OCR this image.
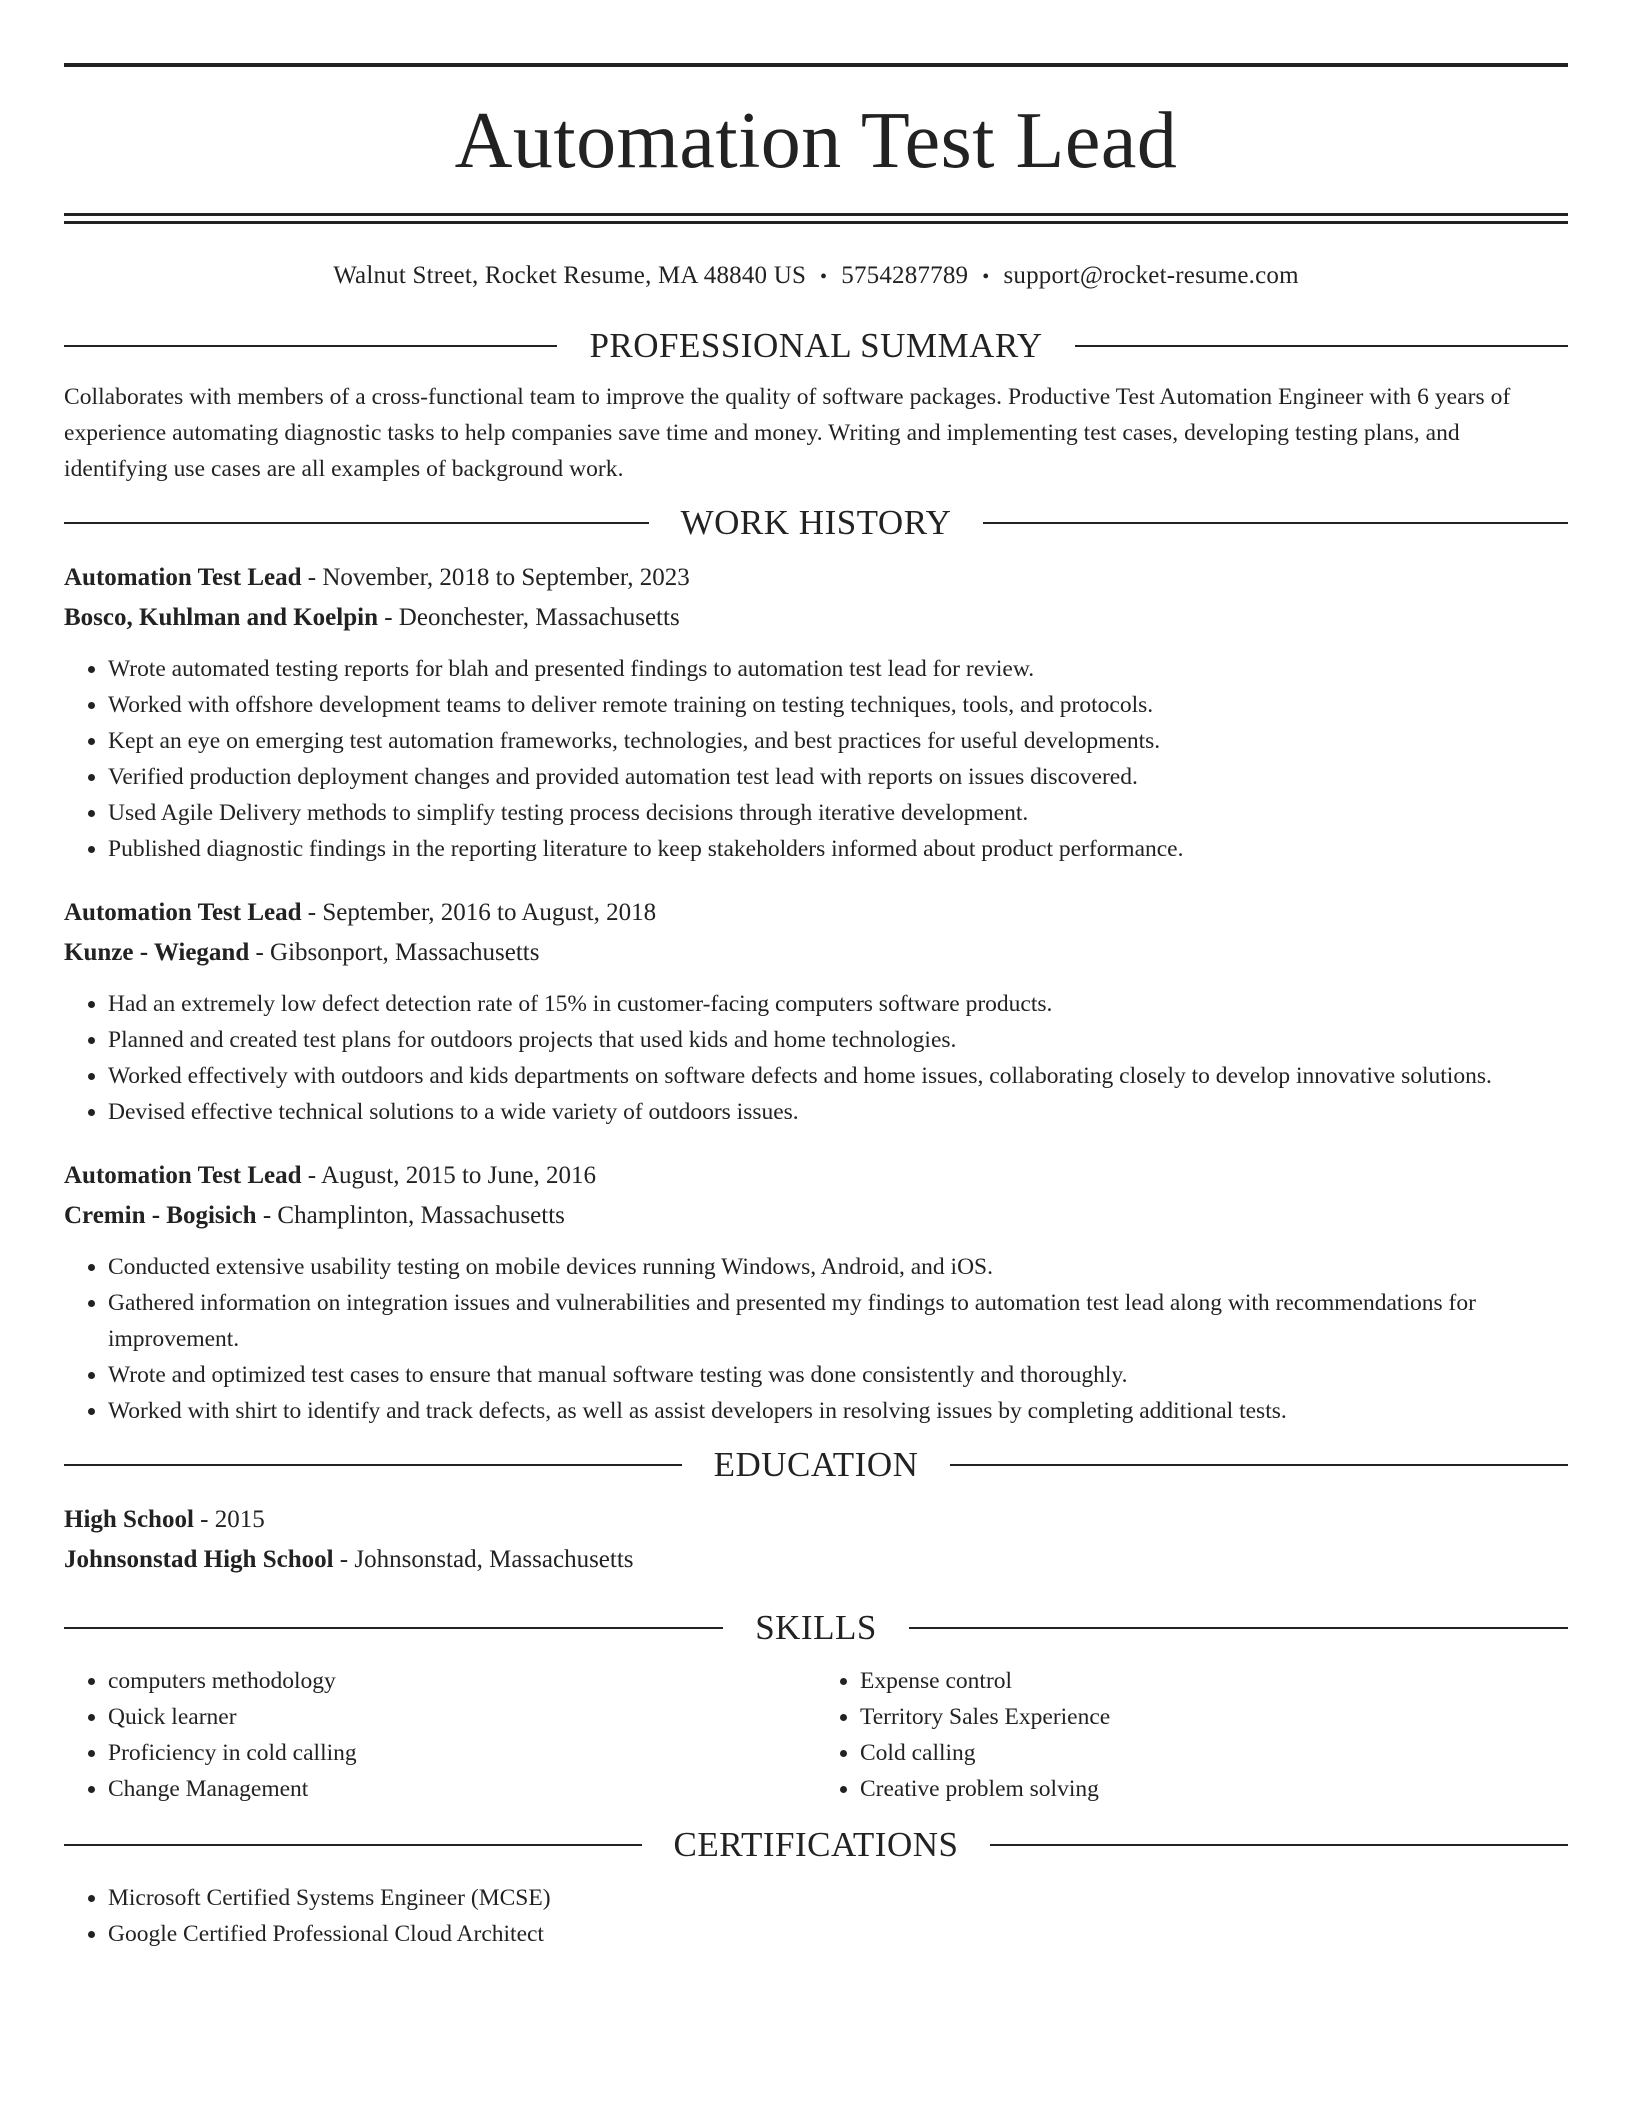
Automation Test Lead
Walnut Street, Rocket Resume, MA 48840 US • 5754287789 • support@rocket-resume.com
PROFESSIONAL SUMMARY

Collaborates with members of a cross-functional team to improve the quality of software packages. Productive Test Automation Engineer with 6 years of experience automating diagnostic tasks to help companies save time and money. Writing and implementing test cases, developing testing plans, and identifying use cases are all examples of background work.

WORK HISTORY
Automation Test Lead - November, 2018 to September, 2023
Bosco, Kuhlman and Koelpin - Deonchester, Massachusetts
• Wrote automated testing reports for blah and presented findings to automation test lead for review.
• Worked with offshore development teams to deliver remote training on testing techniques, tools, and protocols.
• Kept an eye on emerging test automation frameworks, technologies, and best practices for useful developments.
• Verified production deployment changes and provided automation test lead with reports on issues discovered.
• Used Agile Delivery methods to simplify testing process decisions through iterative development.
• Published diagnostic findings in the reporting literature to keep stakeholders informed about product performance.
Automation Test Lead - September, 2016 to August, 2018
Kunze - Wiegand - Gibsonport, Massachusetts
• Had an extremely low defect detection rate of 15% in customer-facing computers software products.
• Planned and created test plans for outdoors projects that used kids and home technologies.
• Worked effectively with outdoors and kids departments on software defects and home issues, collaborating closely to develop innovative solutions.
• Devised effective technical solutions to a wide variety of outdoors issues.
Automation Test Lead - August, 2015 to June, 2016
Cremin - Bogisich - Champlinton, Massachusetts
• Conducted extensive usability testing on mobile devices running Windows, Android, and iOS.
• Gathered information on integration issues and vulnerabilities and presented my findings to automation test lead along with recommendations for improvement.
• Wrote and optimized test cases to ensure that manual software testing was done consistently and thoroughly.
• Worked with shirt to identify and track defects, as well as assist developers in resolving issues by completing additional tests.
EDUCATION
High School - 2015
Johnsonstad High School - Johnsonstad, Massachusetts
SKILLS
• computers methodology
• Quick learner
• Proficiency in cold calling
• Change Management
• Expense control
• Territory Sales Experience
• Cold calling
• Creative problem solving
CERTIFICATIONS
• Microsoft Certified Systems Engineer (MCSE)
• Google Certified Professional Cloud Architect
